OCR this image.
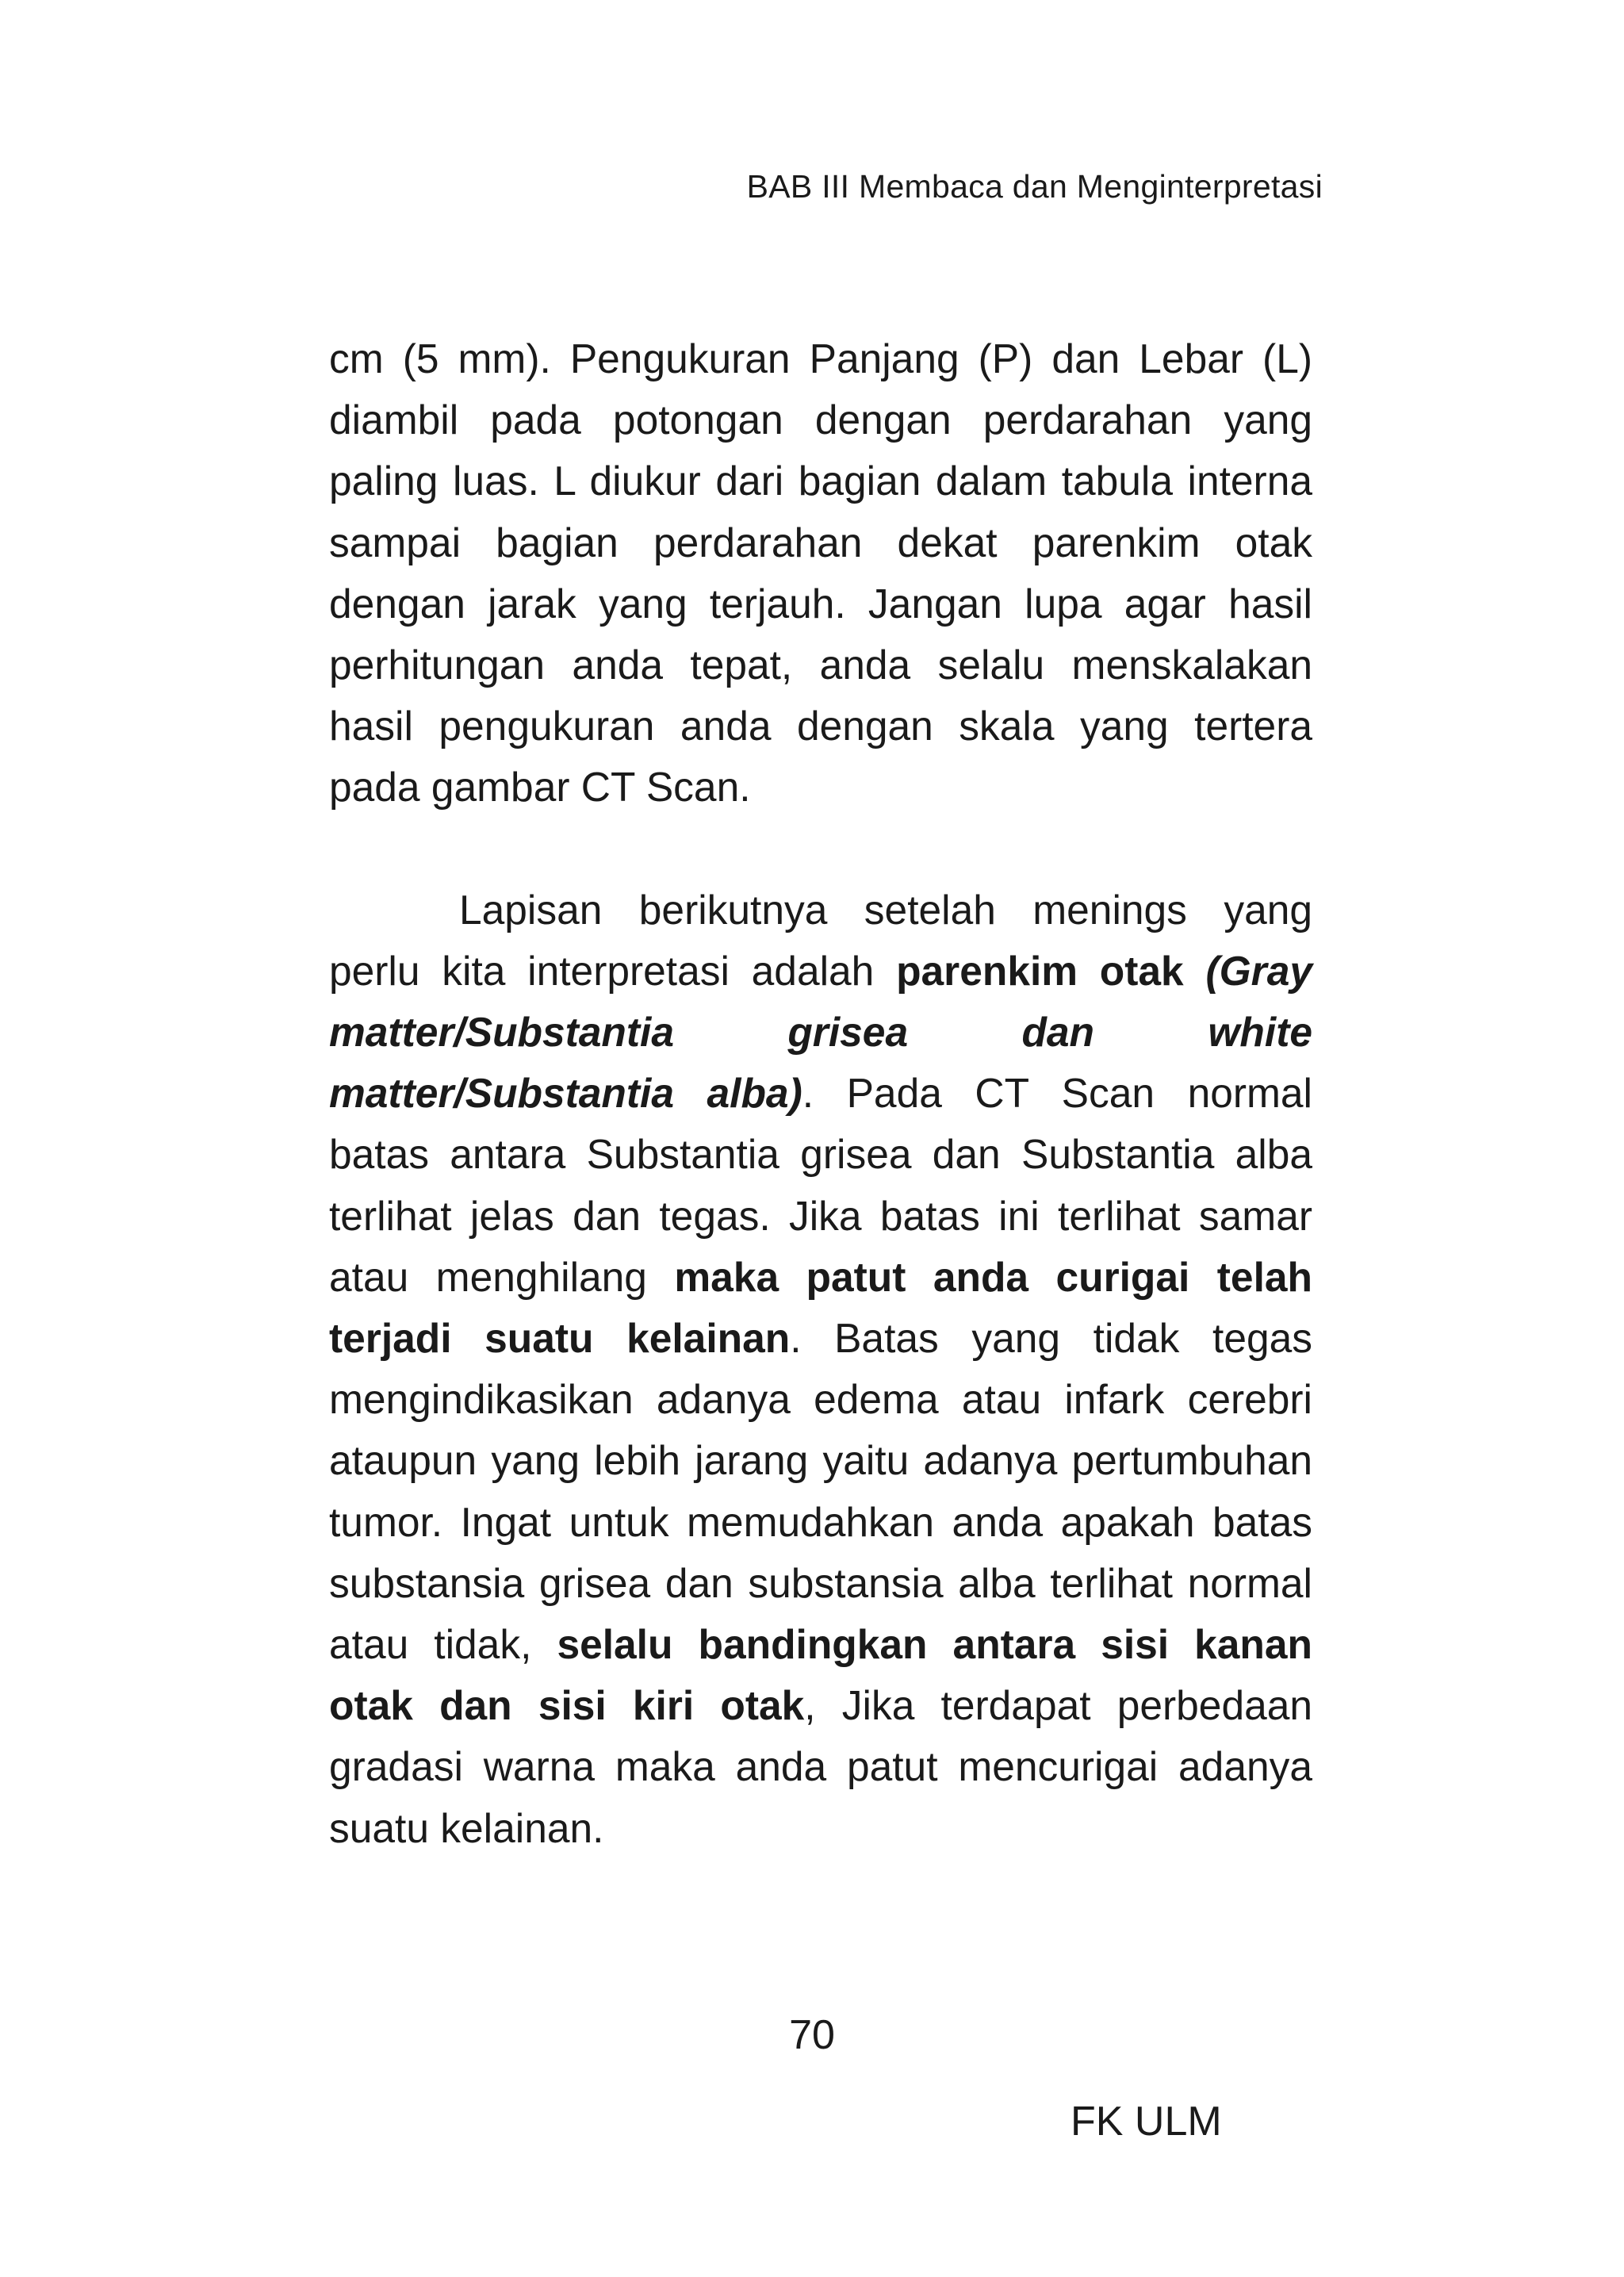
BAB III Membaca dan Menginterpretasi

cm (5 mm). Pengukuran Panjang (P) dan Lebar (L) diambil pada potongan dengan perdarahan yang paling luas. L diukur dari bagian dalam tabula interna sampai bagian perdarahan dekat parenkim otak dengan jarak yang terjauh. Jangan lupa agar hasil perhitungan anda tepat, anda selalu menskalakan hasil pengukuran anda dengan skala yang tertera pada gambar CT Scan.

Lapisan berikutnya setelah menings yang perlu kita interpretasi adalah parenkim otak (Gray matter/Substantia grisea dan white matter/Substantia alba). Pada CT Scan normal batas antara Substantia grisea dan Substantia alba terlihat jelas dan tegas. Jika batas ini terlihat samar atau menghilang maka patut anda curigai telah terjadi suatu kelainan. Batas yang tidak tegas mengindikasikan adanya edema atau infark cerebri ataupun yang lebih jarang yaitu adanya pertumbuhan tumor. Ingat untuk memudahkan anda apakah batas substansia grisea dan substansia alba terlihat normal atau tidak, selalu bandingkan antara sisi kanan otak dan sisi kiri otak, Jika terdapat perbedaan gradasi warna maka anda patut mencurigai adanya suatu kelainan.

70
FK ULM
